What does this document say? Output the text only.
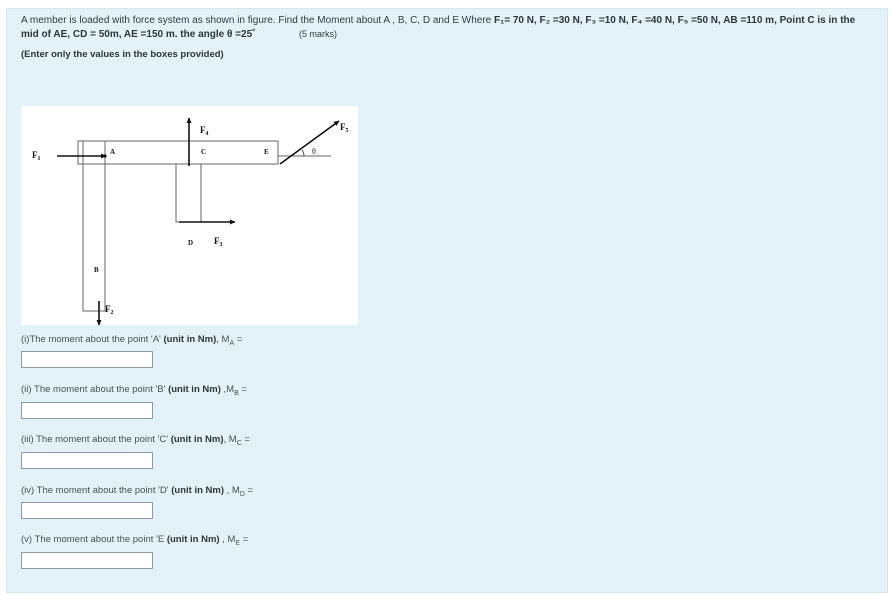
A member is loaded with force system as shown in figure. Find the Moment about A , B, C, D and E Where F₁= 70 N, F₂ =30 N, F₃ =10 N, F₄ =40 N, F₅ =50 N, AB =110 m, Point C is in the
mid of AE, CD = 50m, AE =150 m. the angle θ =25˚	(5 marks)
(Enter only the values in the boxes provided)
$F_1$
$F_2$
$F_3$
$F_4$
$F_5$
A
B
C
D
E	θ
(i)The moment about the point 'A' (unit in Nm), $M_A$ =
(ii) The moment about the point 'B' (unit in Nm) $,M_B$ =
(iii) The moment about the point 'C' (unit in Nm), $M_C$ =
(iv) The moment about the point 'D' (unit in Nm) , $M_D$ =
(v) The moment about the point 'E (unit in Nm) , $M_E$ =
